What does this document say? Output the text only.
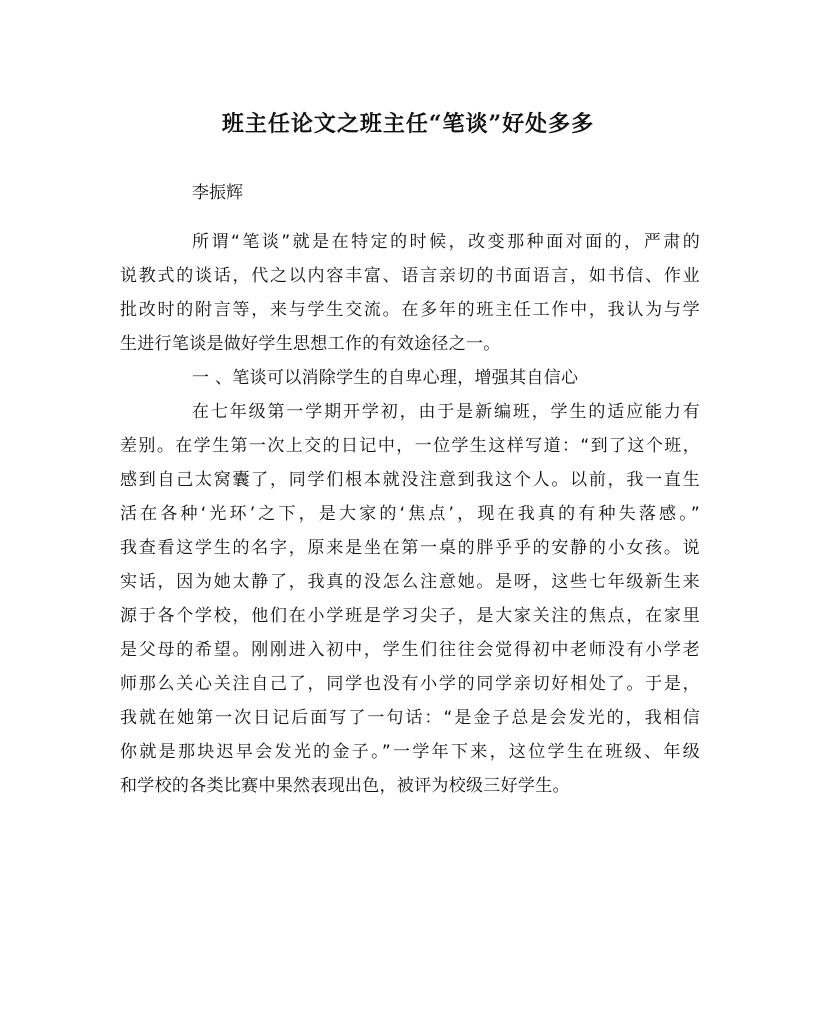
班主任论文之班主任“笔谈”好处多多
李振辉
所谓“笔谈”就是在特定的时候，改变那种面对面的，严肃的
说教式的谈话，代之以内容丰富、语言亲切的书面语言，如书信、作业
批改时的附言等，来与学生交流。在多年的班主任工作中，我认为与学
生进行笔谈是做好学生思想工作的有效途径之一。
一 、笔谈可以消除学生的自卑心理，增强其自信心
在七年级第一学期开学初，由于是新编班，学生的适应能力有
差别。在学生第一次上交的日记中，一位学生这样写道：“到了这个班，
感到自己太窝囊了，同学们根本就没注意到我这个人。以前，我一直生
活在各种‘光环’之下，是大家的‘焦点’，现在我真的有种失落感。”
我查看这学生的名字，原来是坐在第一桌的胖乎乎的安静的小女孩。说
实话，因为她太静了，我真的没怎么注意她。是呀，这些七年级新生来
源于各个学校，他们在小学班是学习尖子，是大家关注的焦点，在家里
是父母的希望。刚刚进入初中，学生们往往会觉得初中老师没有小学老
师那么关心关注自己了，同学也没有小学的同学亲切好相处了。于是，
我就在她第一次日记后面写了一句话：“是金子总是会发光的，我相信
你就是那块迟早会发光的金子。”一学年下来，这位学生在班级、年级
和学校的各类比赛中果然表现出色，被评为校级三好学生。
